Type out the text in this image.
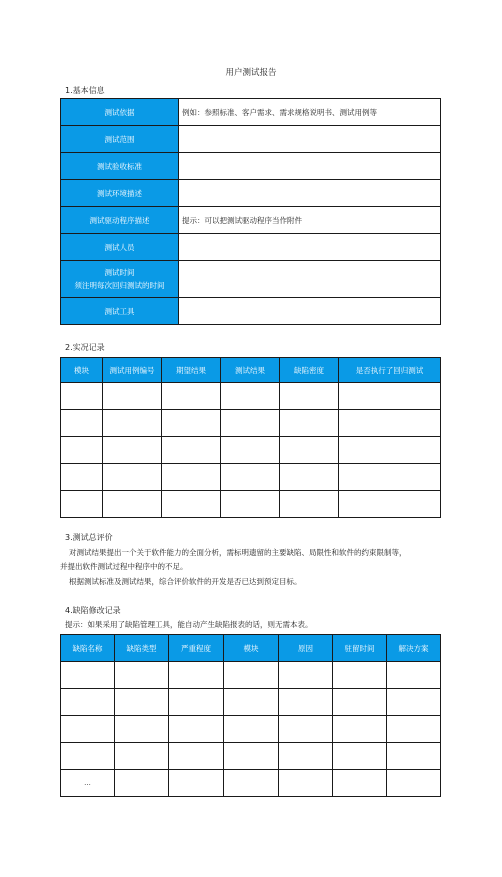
用户测试报告
1.基本信息
测试依据	例如：参照标准、客户需求、需求规格说明书、测试用例等
测试范围	
测试验收标准	
测试环境描述	
测试驱动程序描述	提示：可以把测试驱动程序当作附件
测试人员	

测试时间
须注明每次回归测试的时间	

测试工具	
2.实况记录
模块	测试用例编号	期望结果	测试结果	缺陷密度	是否执行了回归测试

3.测试总评价
对测试结果提出一个关于软件能力的全面分析，需标明遗留的主要缺陷、局限性和软件的约束限制等，
并提出软件测试过程中程序中的不足。
根据测试标准及测试结果，综合评价软件的开发是否已达到预定目标。
4.缺陷修改记录
提示：如果采用了缺陷管理工具，能自动产生缺陷报表的话，则无需本表。
缺陷名称	缺陷类型	严重程度	模块	原因	驻留时间	解决方案

...						
